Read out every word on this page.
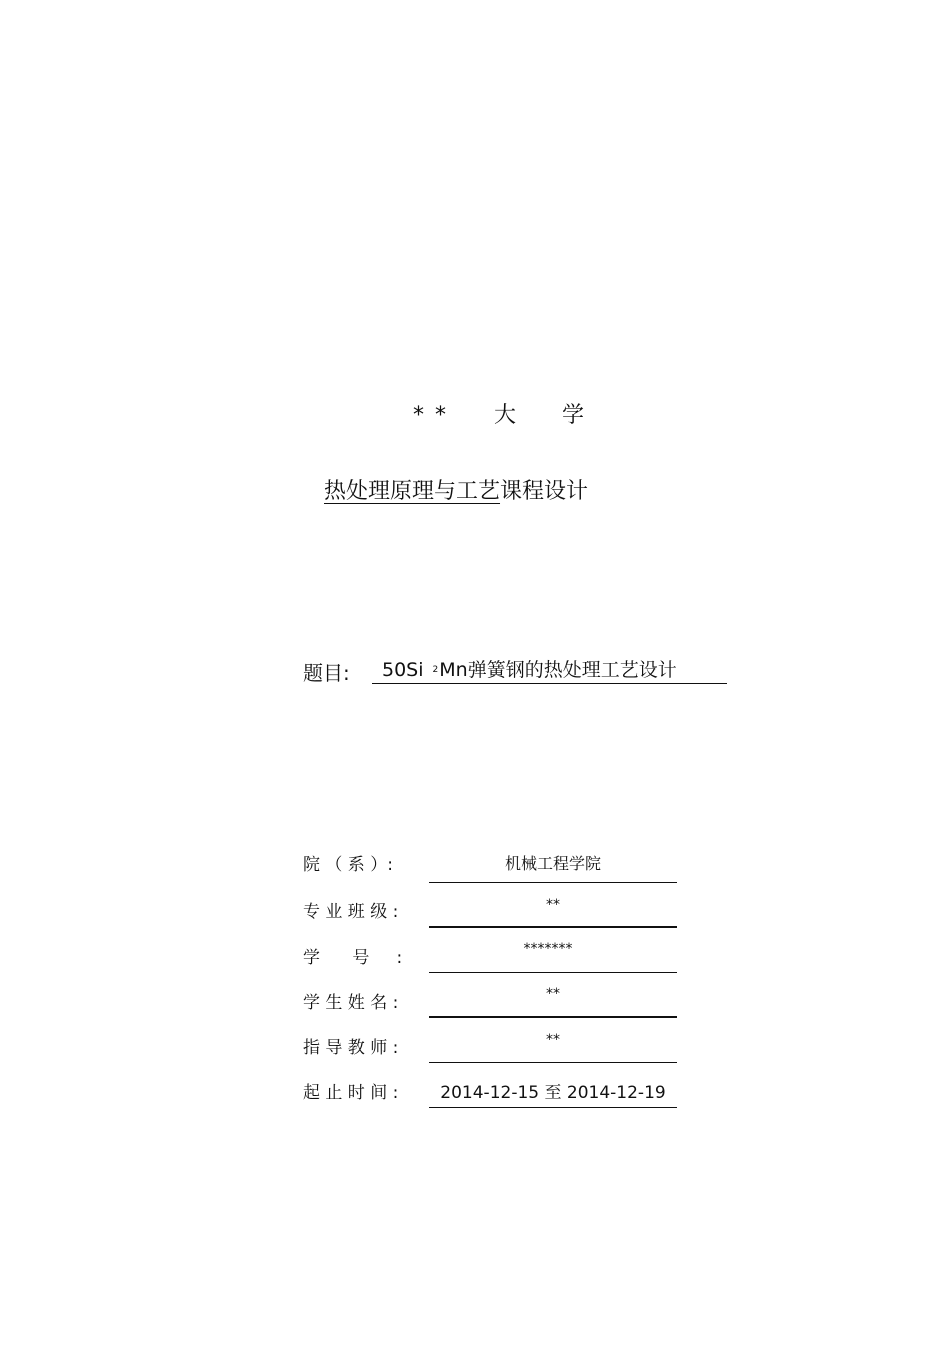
* * 大 学
热处理原理与工艺课程设计
题目:	50Si 2Mn弹簧钢的热处理工艺设计
院 （ 系 ）:	机械工程学院
专 业 班 级 :	**
学      号     :	*******
学 生 姓 名 :	**
指 导 教 师 :	**
起 止 时 间 :	2014-12-15 至 2014-12-19
